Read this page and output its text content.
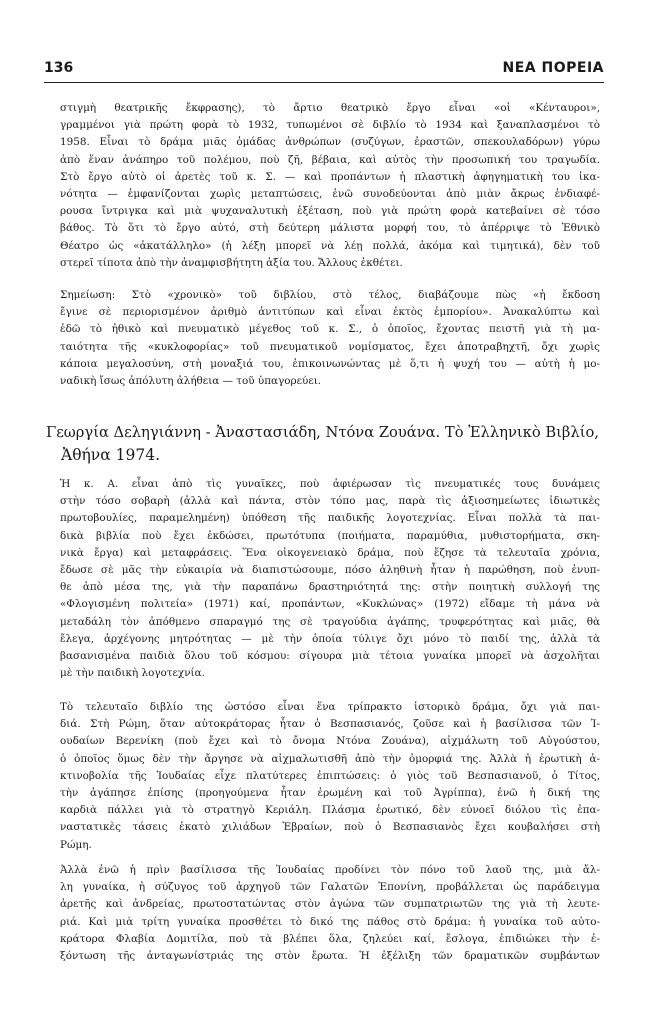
136	ΝΕΑ ΠΟΡΕΙΑ
στιγμὴ θεατρικῆς ἔκφρασης), τὸ ἄρτιο θεατρικὸ ἔργο εἶναι «οἱ «Κένταυροι»,
γραμμένοι γιὰ πρώτη φορὰ τὸ 1932, τυπωμένοι σὲ διβλίο τὸ 1934 καὶ ξαναπλασμένοι τὸ
1958. Εἶναι τὸ δράμα μιᾶς ὁμάδας ἀνθρώπων (συζύγων, ἐραστῶν, σπεκουλαδόρων) γύρω
ἀπὸ ἕναν ἀνάπηρο τοῦ πολέμου, ποὺ ζῆ, βέβαια, καὶ αὐτὸς τὴν προσωπική του τραγωδία.
Στὸ ἔργο αὐτὸ οἱ ἀρετὲς τοῦ κ. Σ. — καὶ προπάντων ἡ πλαστικὴ ἀφηγηματικὴ του ἱκα-
νότητα — ἐμφανίζονται χωρὶς μεταπτώσεις, ἐνῶ συνοδεύονται ἀπὸ μιὰν ἄκρως ἐνδιαφέ-
ρουσα ἴντριγκα καὶ μιὰ ψυχαναλυτικὴ ἐξέταση, ποὺ γιὰ πρώτη φορὰ κατεβαίνει σὲ τόσο
βάθος. Τὸ ὅτι τὸ ἔργο αὐτό, στὴ δεύτερη μάλιστα μορφή του, τὸ ἀπέρριψε τὸ Ἐθνικὸ
Θέατρο ὡς «ἀκατάλληλο» (ἡ λέξη μπορεῖ νὰ λέῃ πολλά, ἀκόμα καὶ τιμητικά), δὲν τοῦ
στερεῖ τίποτα ἀπὸ τὴν ἀναμφισβήτητη ἀξία του. Ἄλλους ἐκθέτει.
Σημείωση: Στὸ «χρονικὸ» τοῦ διβλίου, στὸ τέλος, διαβάζουμε πὼς «ἡ ἔκδοση
ἔγινε σὲ περιορισμένον ἀριθμὸ ἀντιτύπων καὶ εἶναι ἐκτὸς ἐμπορίου». Ἀνακαλύπτω καὶ
ἐδῶ τὸ ἠθικὸ καὶ πνευματικὸ μέγεθος τοῦ κ. Σ., ὁ ὁποῖος, ἔχοντας πειστῆ γιὰ τὴ μα-
ταιότητα τῆς «κυκλοφορίας» τοῦ πνευματικοῦ νομίσματος, ἔχει ἀποτραβηχτῆ, ὄχι χωρὶς
κάποια μεγαλοσύνη, στὴ μοναξιά του, ἐπικοινωνώντας μὲ ὅ,τι ἡ ψυχή του — αὐτὴ ἡ μο-
ναδικὴ ἴσως ἀπόλυτη ἀλήθεια — τοῦ ὑπαγορεύει.
Γεωργία Δεληγιάννη - Ἀναστασιάδη, Ντόνα Ζουάνα. Τὸ Ἑλληνικὸ Βιβλίο,
Ἀθήνα 1974.
Ἡ κ. Α. εἶναι ἀπὸ τὶς γυναῖκες, ποὺ ἀφιέρωσαν τὶς πνευματικές τους δυνάμεις
στὴν τόσο σοβαρὴ (ἀλλὰ καὶ πάντα, στὸν τόπο μας, παρὰ τὶς ἀξιοσημείωτες ἰδιωτικὲς
πρωτοβουλίες, παραμελημένη) ὑπόθεση τῆς παιδικῆς λογοτεχνίας. Εἶναι πολλὰ τὰ παι-
δικὰ βιβλία ποὺ ἔχει ἐκδώσει, πρωτότυπα (ποιήματα, παραμύθια, μυθιστορήματα, σκη-
νικὰ ἔργα) καὶ μεταφράσεις. Ἕνα οἰκογενειακὸ δράμα, ποὺ ἔζησε τὰ τελευταῖα χρόνια,
ἔδωσε σὲ μᾶς τὴν εὐκαιρία νὰ διαπιστώσουμε, πόσο ἀληθινὴ ἦταν ἡ παρώθηση, ποὺ ἐνυπ-
θε ἀπὸ μέσα της, γιὰ τὴν παραπάνω δραστηριότητά της: στὴν ποιητικὴ συλλογή της
«Φλογισμένη πολιτεία» (1971) καί, προπάντων, «Κυκλώνας» (1972) εἴδαμε τὴ μάνα νὰ
μεταδάλη τὸν ἀπόθμενο σπαραγμό της σὲ τραγούδια ἀγάπης, τρυφερότητας καὶ μιᾶς, θὰ
ἔλεγα, ἀρχέγονης μητρότητας — μὲ τὴν ὁποία τύλιγε ὄχι μόνο τὸ παιδί της, ἀλλὰ τὰ
βασανισμένα παιδιὰ ὅλου τοῦ κόσμου: σίγουρα μιὰ τέτοια γυναίκα μπορεῖ νὰ ἀσχολῆται
μὲ τὴν παιδικὴ λογοτεχνία.
Τὸ τελευταῖο διβλίο της ὡστόσο εἶναι ἕνα τρίπρακτο ἱστορικὸ δράμα, ὄχι γιὰ παι-
διά. Στὴ Ρώμη, ὅταν αὐτοκράτορας ἦταν ὁ Βεσπασιανός, ζοῦσε καὶ ἡ βασίλισσα τῶν Ἰ-
ουδαίων Βερενίκη (ποὺ ἔχει καὶ τὸ ὄνομα Ντόνα Ζουάνα), αἰχμάλωτη τοῦ Αὐγούστου,
ὁ ὁποῖος ὅμως δὲν τὴν ἄργησε νὰ αἰχμαλωτισθῆ ἀπὸ τὴν ὀμορφιά της. Ἀλλὰ ἡ ἐρωτικὴ ἀ-
κτινοβολία τῆς Ἰουδαίας εἶχε πλατύτερες ἐπιπτώσεις: ὁ γιὸς τοῦ Βεσπασιανοῦ, ὁ Τίτος,
τὴν ἀγάπησε ἐπίσης (προηγούμενα ἦταν ἐρωμένη καὶ τοῦ Ἀγρίππα), ἐνῶ ἡ δική της
καρδιὰ πάλλει γιὰ τὸ στρατηγὸ Κεριάλη. Πλάσμα ἐρωτικό, δὲν εὐνοεῖ διόλου τὶς ἐπα-
ναστατικὲς τάσεις ἑκατὸ χιλιάδων Ἑβραίων, ποὺ ὁ Βεσπασιανὸς ἔχει κουβαλήσει στὴ
Ρώμη.
Ἀλλὰ ἐνῶ ἡ πρὶν βασίλισσα τῆς Ἰουδαίας προδίνει τὸν πόνο τοῦ λαοῦ της, μιὰ ἄλ-
λη γυναίκα, ἡ σύζυγος τοῦ ἀρχηγοῦ τῶν Γαλατῶν Ἐπονίνη, προβάλλεται ὡς παράδειγμα
ἀρετῆς καὶ ἀνδρείας, πρωτοστατώντας στὸν ἀγώνα τῶν συμπατριωτῶν της γιὰ τὴ λευτε-
ριά. Καὶ μιὰ τρίτη γυναίκα προσθέτει τὸ δικό της πάθος στὸ δράμα: ἡ γυναίκα τοῦ αὐτο-
κράτορα Φλαβία Δομιτίλα, ποὺ τὰ βλέπει ὅλα, ζηλεύει καί, ἔσλογα, ἐπιδιώκει τὴν ἐ-
ξόντωση τῆς ἀνταγωνίστριάς της στὸν ἔρωτα. Ἡ ἐξέλιξη τῶν δραματικῶν συμβάντων
